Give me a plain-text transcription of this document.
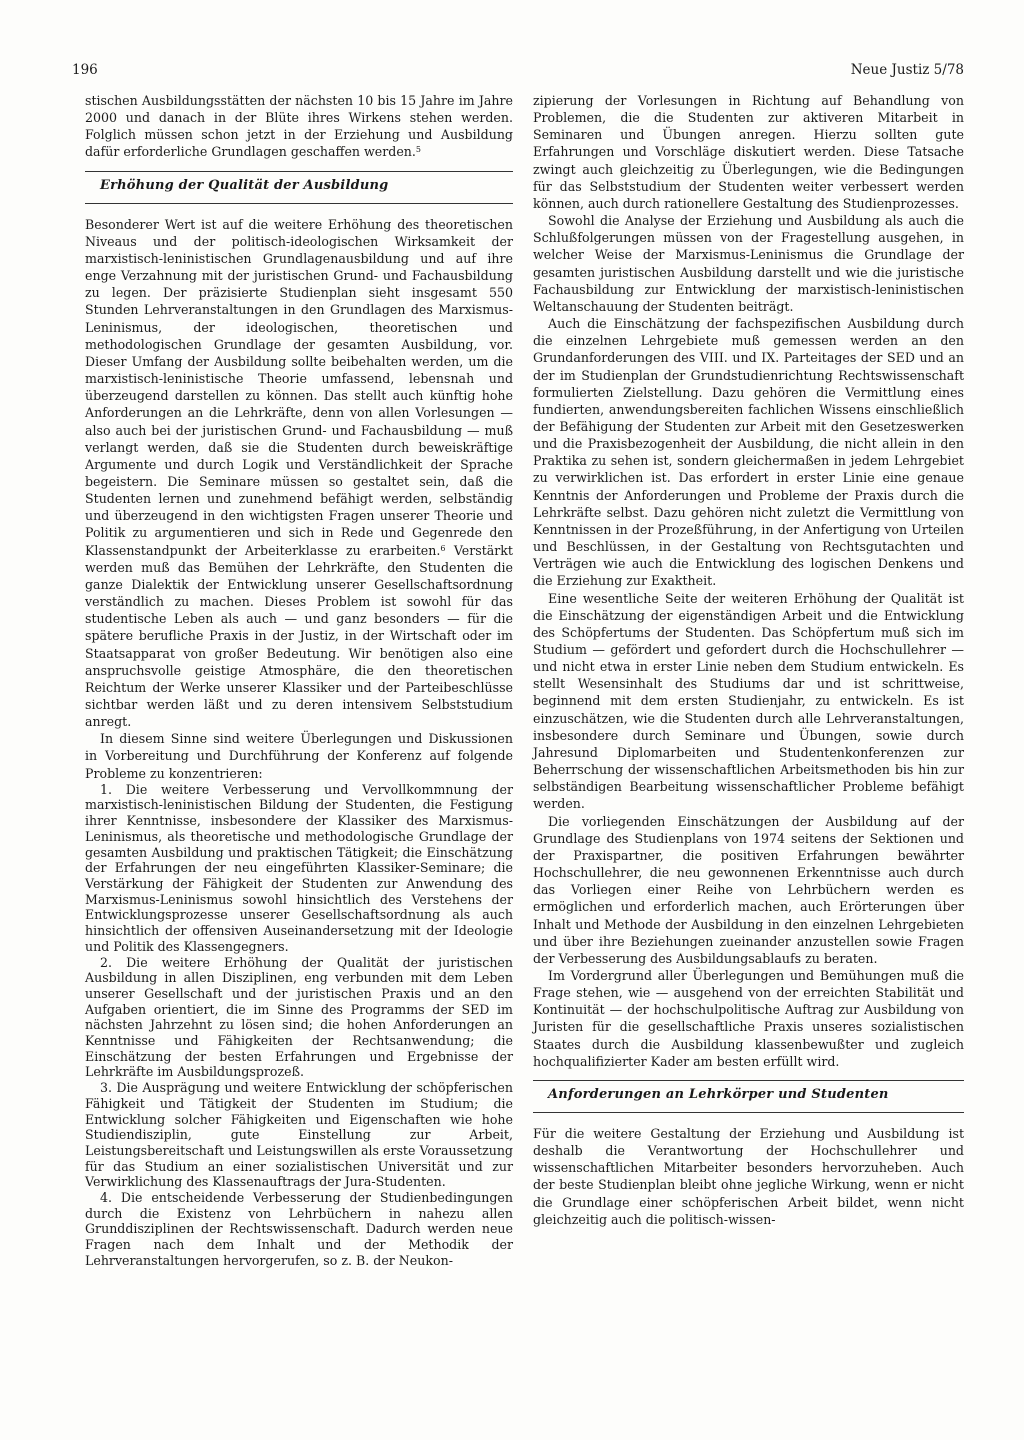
196	Neue Justiz 5/78

stischen Ausbildungsstätten der nächsten 10 bis 15 Jahre im Jahre 2000 und danach in der Blüte ihres Wirkens stehen werden. Folglich müssen schon jetzt in der Erziehung und Ausbildung dafür erforderliche Grundlagen geschaffen werden.$^5$

Erhöhung der Qualität der Ausbildung

Besonderer Wert ist auf die weitere Erhöhung des theoretischen Niveaus und der politisch-ideologischen Wirksamkeit der marxistisch-leninistischen Grundlagenausbildung und auf ihre enge Verzahnung mit der juristischen Grund- und Fachausbildung zu legen. Der präzisierte Studienplan sieht insgesamt 550 Stunden Lehrveranstaltungen in den Grundlagen des Marxismus-Leninismus, der ideologischen, theoretischen und methodologischen Grundlage der gesamten Ausbildung, vor. Dieser Umfang der Ausbildung sollte beibehalten werden, um die marxistisch-leninistische Theorie umfassend, lebensnah und überzeugend darstellen zu können. Das stellt auch künftig hohe Anforderungen an die Lehrkräfte, denn von allen Vorlesungen — also auch bei der juristischen Grund- und Fachausbildung — muß verlangt werden, daß sie die Studenten durch beweiskräftige Argumente und durch Logik und Verständlichkeit der Sprache begeistern. Die Seminare müssen so gestaltet sein, daß die Studenten lernen und zunehmend befähigt werden, selbständig und überzeugend in den wichtigsten Fragen unserer Theorie und Politik zu argumentieren und sich in Rede und Gegenrede den Klassenstandpunkt der Arbeiterklasse zu erarbeiten.$^6$ Verstärkt werden muß das Bemühen der Lehrkräfte, den Studenten die ganze Dialektik der Entwicklung unserer Gesellschaftsordnung verständlich zu machen. Dieses Problem ist sowohl für das studentische Leben als auch — und ganz besonders — für die spätere berufliche Praxis in der Justiz, in der Wirtschaft oder im Staatsapparat von großer Bedeutung. Wir benötigen also eine anspruchsvolle geistige Atmosphäre, die den theoretischen Reichtum der Werke unserer Klassiker und der Parteibeschlüsse sichtbar werden läßt und zu deren intensivem Selbststudium anregt.

In diesem Sinne sind weitere Überlegungen und Diskussionen in Vorbereitung und Durchführung der Konferenz auf folgende Probleme zu konzentrieren:

1. Die weitere Verbesserung und Vervollkommnung der marxistisch-leninistischen Bildung der Studenten, die Festigung ihrer Kenntnisse, insbesondere der Klassiker des Marxismus-Leninismus, als theoretische und methodologische Grundlage der gesamten Ausbildung und praktischen Tätigkeit; die Einschätzung der Erfahrungen der neu eingeführten Klassiker-Seminare; die Verstärkung der Fähigkeit der Studenten zur Anwendung des Marxismus-Leninismus sowohl hinsichtlich des Verstehens der Entwicklungsprozesse unserer Gesellschaftsordnung als auch hinsichtlich der offensiven Auseinandersetzung mit der Ideologie und Politik des Klassengegners.

2. Die weitere Erhöhung der Qualität der juristischen Ausbildung in allen Disziplinen, eng verbunden mit dem Leben unserer Gesellschaft und der juristischen Praxis und an den Aufgaben orientiert, die im Sinne des Programms der SED im nächsten Jahrzehnt zu lösen sind; die hohen Anforderungen an Kenntnisse und Fähigkeiten der Rechtsanwendung; die Einschätzung der besten Erfahrungen und Ergebnisse der Lehrkräfte im Ausbildungsprozeß.

3. Die Ausprägung und weitere Entwicklung der schöpferischen Fähigkeit und Tätigkeit der Studenten im Studium; die Entwicklung solcher Fähigkeiten und Eigenschaften wie hohe Studiendisziplin, gute Einstellung zur Arbeit, Leistungsbereitschaft und Leistungswillen als erste Voraussetzung für das Studium an einer sozialistischen Universität und zur Verwirklichung des Klassenauftrags der Jura-Studenten.

4. Die entscheidende Verbesserung der Studienbedingungen durch die Existenz von Lehrbüchern in nahezu allen Grunddisziplinen der Rechtswissenschaft. Dadurch werden neue Fragen nach dem Inhalt und der Methodik der Lehrveranstaltungen hervorgerufen, so z. B. der Neukon-

zipierung der Vorlesungen in Richtung auf Behandlung von Problemen, die die Studenten zur aktiveren Mitarbeit in Seminaren und Übungen anregen. Hierzu sollten gute Erfahrungen und Vorschläge diskutiert werden. Diese Tatsache zwingt auch gleichzeitig zu Überlegungen, wie die Bedingungen für das Selbststudium der Studenten weiter verbessert werden können, auch durch rationellere Gestaltung des Studienprozesses.

Sowohl die Analyse der Erziehung und Ausbildung als auch die Schlußfolgerungen müssen von der Fragestellung ausgehen, in welcher Weise der Marxismus-Leninismus die Grundlage der gesamten juristischen Ausbildung darstellt und wie die juristische Fachausbildung zur Entwicklung der marxistisch-leninistischen Weltanschauung der Studenten beiträgt.

Auch die Einschätzung der fachspezifischen Ausbildung durch die einzelnen Lehrgebiete muß gemessen werden an den Grundanforderungen des VIII. und IX. Parteitages der SED und an der im Studienplan der Grundstudienrichtung Rechtswissenschaft formulierten Zielstellung. Dazu gehören die Vermittlung eines fundierten, anwendungsbereiten fachlichen Wissens einschließlich der Befähigung der Studenten zur Arbeit mit den Gesetzeswerken und die Praxisbezogenheit der Ausbildung, die nicht allein in den Praktika zu sehen ist, sondern gleichermaßen in jedem Lehrgebiet zu verwirklichen ist. Das erfordert in erster Linie eine genaue Kenntnis der Anforderungen und Probleme der Praxis durch die Lehrkräfte selbst. Dazu gehören nicht zuletzt die Vermittlung von Kenntnissen in der Prozeßführung, in der Anfertigung von Urteilen und Beschlüssen, in der Gestaltung von Rechtsgutachten und Verträgen wie auch die Entwicklung des logischen Denkens und die Erziehung zur Exaktheit.

Eine wesentliche Seite der weiteren Erhöhung der Qualität ist die Einschätzung der eigenständigen Arbeit und die Entwicklung des Schöpfertums der Studenten. Das Schöpfertum muß sich im Studium — gefördert und gefordert durch die Hochschullehrer — und nicht etwa in erster Linie neben dem Studium entwickeln. Es stellt Wesensinhalt des Studiums dar und ist schrittweise, beginnend mit dem ersten Studienjahr, zu entwickeln. Es ist einzuschätzen, wie die Studenten durch alle Lehrveranstaltungen, insbesondere durch Seminare und Übungen, sowie durch Jahresund Diplomarbeiten und Studentenkonferenzen zur Beherrschung der wissenschaftlichen Arbeitsmethoden bis hin zur selbständigen Bearbeitung wissenschaftlicher Probleme befähigt werden.

Die vorliegenden Einschätzungen der Ausbildung auf der Grundlage des Studienplans von 1974 seitens der Sektionen und der Praxispartner, die positiven Erfahrungen bewährter Hochschullehrer, die neu gewonnenen Erkenntnisse auch durch das Vorliegen einer Reihe von Lehrbüchern werden es ermöglichen und erforderlich machen, auch Erörterungen über Inhalt und Methode der Ausbildung in den einzelnen Lehrgebieten und über ihre Beziehungen zueinander anzustellen sowie Fragen der Verbesserung des Ausbildungsablaufs zu beraten.

Im Vordergrund aller Überlegungen und Bemühungen muß die Frage stehen, wie — ausgehend von der erreichten Stabilität und Kontinuität — der hochschulpolitische Auftrag zur Ausbildung von Juristen für die gesellschaftliche Praxis unseres sozialistischen Staates durch die Ausbildung klassenbewußter und zugleich hochqualifizierter Kader am besten erfüllt wird.

Anforderungen an Lehrkörper und Studenten

Für die weitere Gestaltung der Erziehung und Ausbildung ist deshalb die Verantwortung der Hochschullehrer und wissenschaftlichen Mitarbeiter besonders hervorzuheben. Auch der beste Studienplan bleibt ohne jegliche Wirkung, wenn er nicht die Grundlage einer schöpferischen Arbeit bildet, wenn nicht gleichzeitig auch die politisch-wissen-
